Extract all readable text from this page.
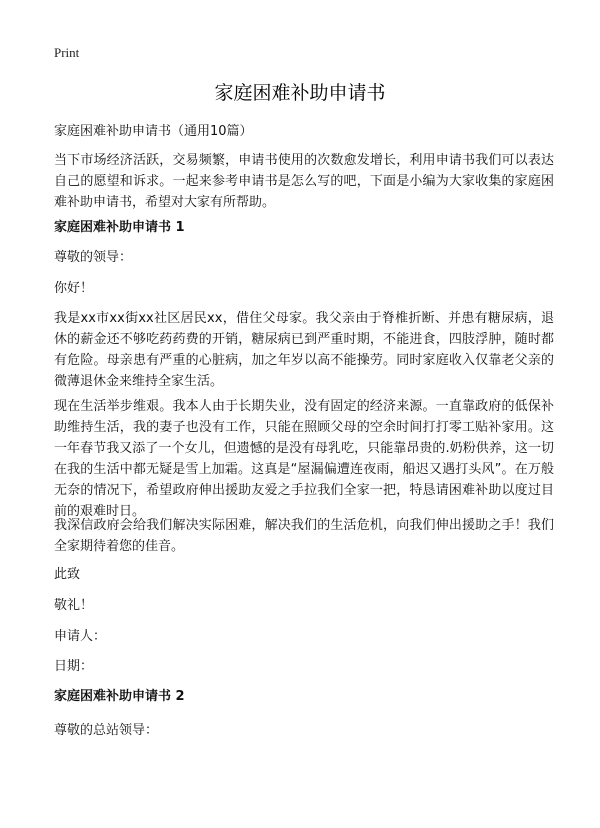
Print
家庭困难补助申请书
家庭困难补助申请书（通用10篇）
当下市场经济活跃，交易频繁，申请书使用的次数愈发增长，利用申请书我们可以表达自己的愿望和诉求。一起来参考申请书是怎么写的吧，下面是小编为大家收集的家庭困难补助申请书，希望对大家有所帮助。
家庭困难补助申请书 1
尊敬的领导：
你好！
我是xx市xx街xx社区居民xx，借住父母家。我父亲由于脊椎折断、并患有糖尿病，退休的薪金还不够吃药药费的开销，糖尿病已到严重时期，不能进食，四肢浮肿，随时都有危险。母亲患有严重的心脏病，加之年岁以高不能操劳。同时家庭收入仅靠老父亲的微薄退休金来维持全家生活。
现在生活举步维艰。我本人由于长期失业，没有固定的经济来源。一直靠政府的低保补助维持生活，我的妻子也没有工作，只能在照顾父母的空余时间打打零工贴补家用。这一年春节我又添了一个女儿，但遗憾的是没有母乳吃，只能靠昂贵的.奶粉供养，这一切在我的生活中都无疑是雪上加霜。这真是“屋漏偏遭连夜雨，船迟又遇打头风”。在万般无奈的情况下，希望政府伸出援助友爱之手拉我们全家一把，特恳请困难补助以度过目前的艰难时日。
我深信政府会给我们解决实际困难，解决我们的生活危机，向我们伸出援助之手！我们全家期待着您的佳音。
此致
敬礼！
申请人：
日期：
家庭困难补助申请书 2
尊敬的总站领导：
